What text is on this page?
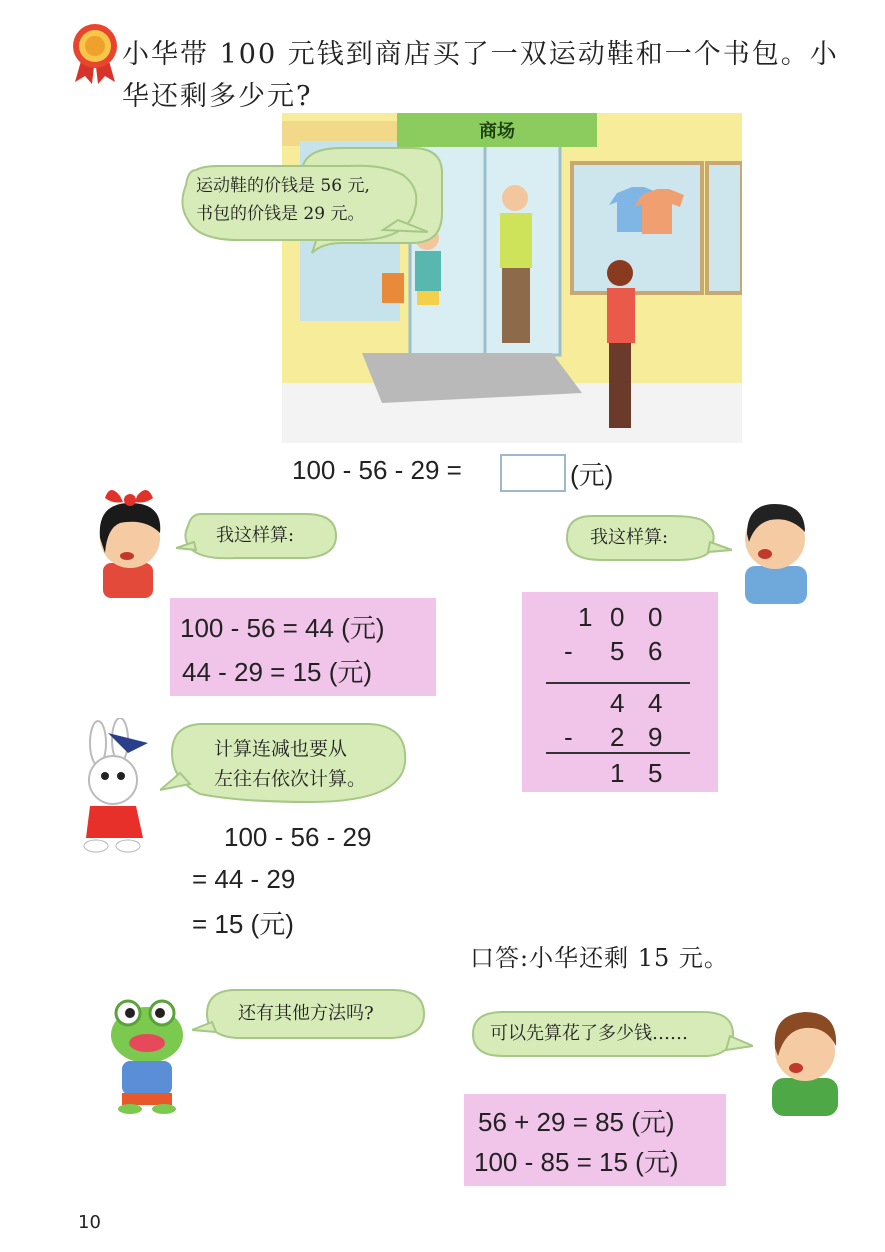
小华带 100 元钱到商店买了一双运动鞋和一个书包。小华还剩多少元?
商场
运动鞋的价钱是 56 元,
书包的价钱是 29 元。
100 - 56 - 29 =	(元)
我这样算:
100 - 56 = 44 (元)
44 - 29 = 15 (元)
我这样算:
1 0 0
- 5 6
4 4
- 2 9
1 5
计算连减也要从
左往右依次计算。
100 - 56 - 29
= 44 - 29
= 15 (元)
口答:小华还剩 15 元。
还有其他方法吗?
可以先算花了多少钱……
56 + 29 = 85 (元)
100 - 85 = 15 (元)
10
